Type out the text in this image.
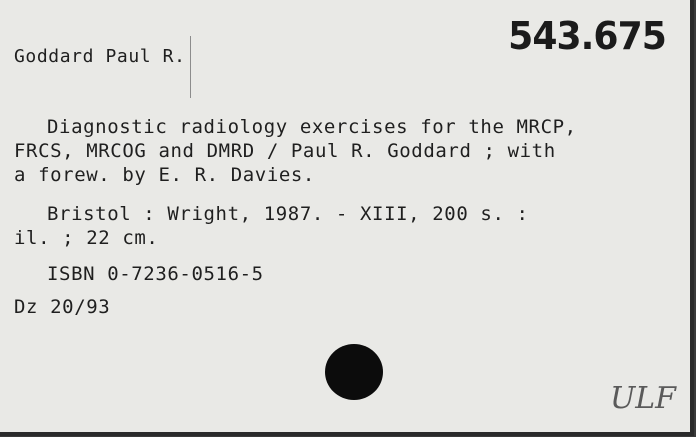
Goddard Paul R.	543.675
Diagnostic radiology exercises for the MRCP,
FRCS, MRCOG and DMRD / Paul R. Goddard ; with
a forew. by E. R. Davies.
Bristol : Wright, 1987. - XIII, 200 s. :
il. ; 22 cm.
ISBN 0-7236-0516-5
Dz 20/93
ULF
